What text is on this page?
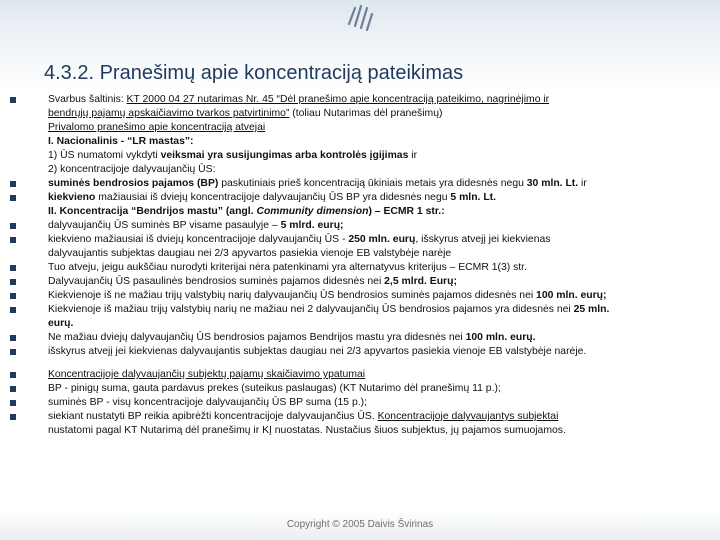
4.3.2. Pranešimų apie koncentraciją pateikimas
Svarbus šaltinis: KT 2000 04 27 nutarimas Nr. 45 “Dėl pranešimo apie koncentraciją pateikimo, nagrinėjimo ir
bendrųjų pajamų apskaičiavimo tvarkos patvirtinimo” (toliau Nutarimas dėl pranešimų)
Privalomo pranešimo apie koncentraciją atvejai
I. Nacionalinis - “LR mastas”:
1) ŪS numatomi vykdyti veiksmai yra susijungimas arba kontrolės įgijimas ir
2) koncentracijoje dalyvaujančių ŪS:
suminės bendrosios pajamos (BP) paskutiniais prieš koncentraciją ūkiniais metais yra didesnės negu 30 mln. Lt. ir
kiekvieno mažiausiai iš dviejų koncentracijoje dalyvaujančių ŪS BP yra didesnės negu 5 mln. Lt.
II. Koncentracija “Bendrijos mastu” (angl. Community dimension) – ECMR 1 str.:
dalyvaujančių ŪS suminės BP visame pasaulyje – 5 mlrd. eurų;
kiekvieno mažiausiai iš dviejų koncentracijoje dalyvaujančių ŪS - 250 mln. eurų, išskyrus atvejį jei kiekvienas
dalyvaujantis subjektas daugiau nei 2/3 apyvartos pasiekia vienoje EB valstybėje narėje
Tuo atveju, jeigu aukščiau nurodyti kriterijai nėra patenkinami yra alternatyvus kriterijus – ECMR 1(3) str.
Dalyvaujančių ŪS pasaulinės bendrosios suminės pajamos didesnės nei 2,5 mlrd. Eurų;
Kiekvienoje iš ne mažiau trijų valstybių narių dalyvaujančių ŪS bendrosios suminės pajamos didesnės nei 100 mln. eurų;
Kiekvienoje iš mažiau trijų valstybių narių ne mažiau nei 2 dalyvaujančių ŪS bendrosios pajamos yra didesnės nei 25 mln.
eurų.
Ne mažiau dviejų dalyvaujančių ŪS bendrosios pajamos Bendrijos mastu yra didesnės nei 100 mln. eurų.
išskyrus atvejį jei kiekvienas dalyvaujantis subjektas daugiau nei 2/3 apyvartos pasiekia vienoje EB valstybėje narėje.
Koncentracijoje dalyvaujančių subjektų pajamų skaičiavimo ypatumai
BP - pinigų suma, gauta pardavus prekes (suteikus paslaugas) (KT Nutarimo dėl pranešimų 11 p.);
suminės BP - visų koncentracijoje dalyvaujančių ŪS BP suma (15 p.);
siekiant nustatyti BP reikia apibrėžti koncentracijoje dalyvaujančius ŪS. Koncentracijoje dalyvaujantys subjektai
nustatomi pagal KT Nutarimą dėl pranešimų ir KĮ nuostatas. Nustačius šiuos subjektus, jų pajamos sumuojamos.
Copyright © 2005 Daivis Švirinas
